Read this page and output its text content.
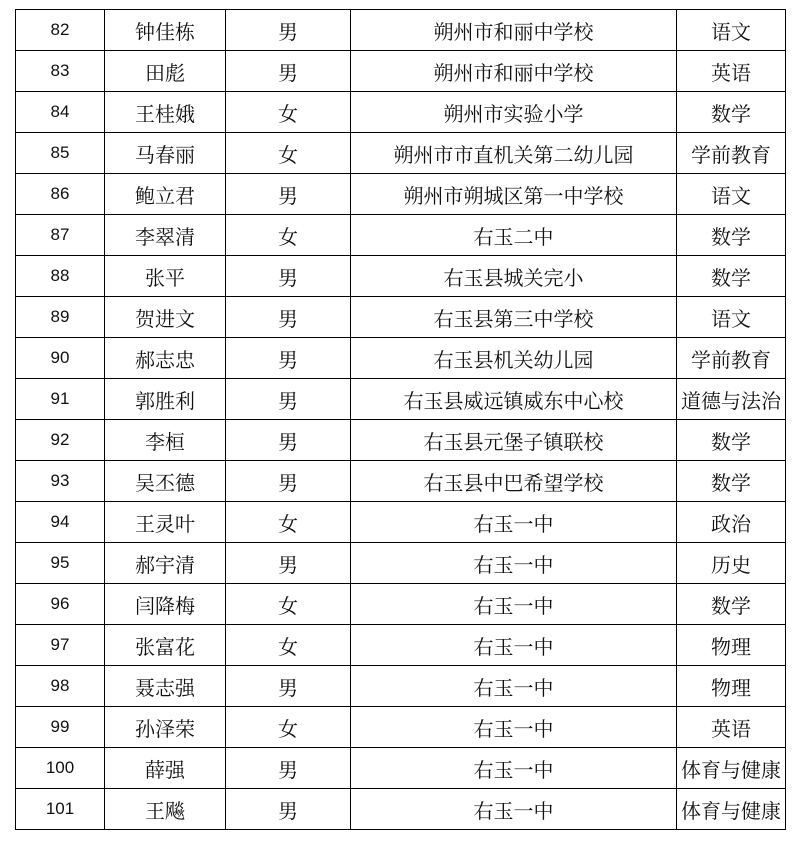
82	钟佳栋	男	朔州市和丽中学校	语文
83	田彪	男	朔州市和丽中学校	英语
84	王桂娥	女	朔州市实验小学	数学
85	马春丽	女	朔州市市直机关第二幼儿园	学前教育
86	鲍立君	男	朔州市朔城区第一中学校	语文
87	李翠清	女	右玉二中	数学
88	张平	男	右玉县城关完小	数学
89	贺进文	男	右玉县第三中学校	语文
90	郝志忠	男	右玉县机关幼儿园	学前教育
91	郭胜利	男	右玉县威远镇威东中心校	道德与法治
92	李桓	男	右玉县元堡子镇联校	数学
93	吴丕德	男	右玉县中巴希望学校	数学
94	王灵叶	女	右玉一中	政治
95	郝宇清	男	右玉一中	历史
96	闫降梅	女	右玉一中	数学
97	张富花	女	右玉一中	物理
98	聂志强	男	右玉一中	物理
99	孙泽荣	女	右玉一中	英语
100	薛强	男	右玉一中	体育与健康
101	王飚	男	右玉一中	体育与健康
